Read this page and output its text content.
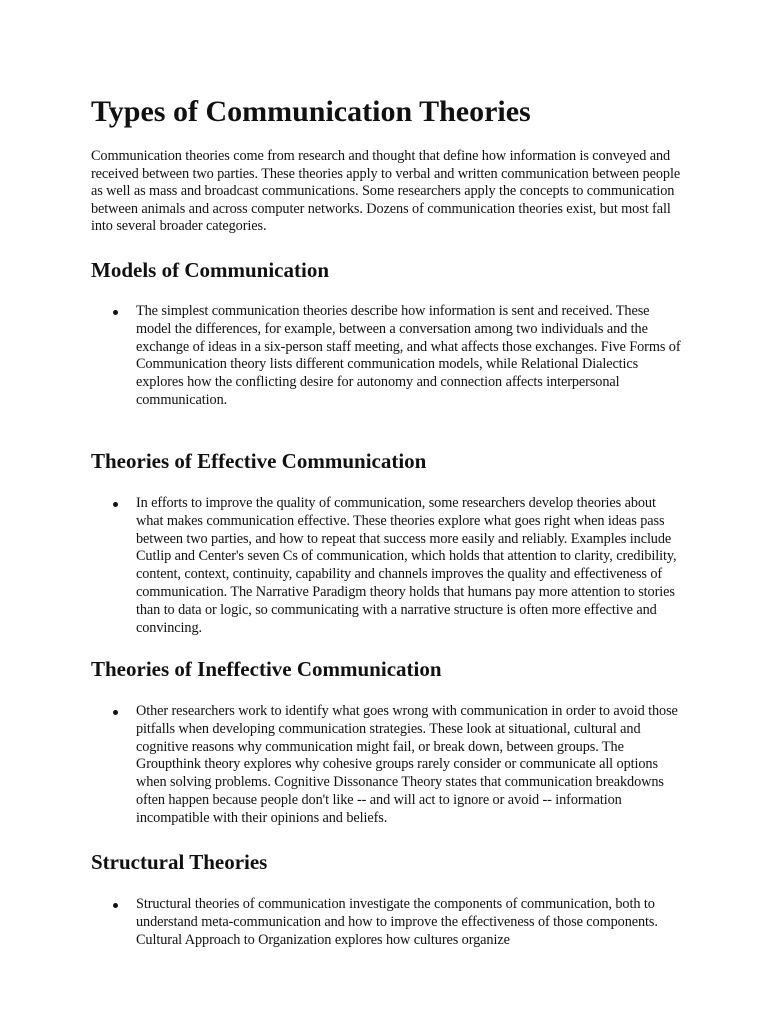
Types of Communication Theories

Communication theories come from research and thought that define how information is conveyed and received between two parties. These theories apply to verbal and written communication between people as well as mass and broadcast communications. Some researchers apply the concepts to communication between animals and across computer networks. Dozens of communication theories exist, but most fall into several broader categories.

Models of Communication
The simplest communication theories describe how information is sent and received. These model the differences, for example, between a conversation among two individuals and the exchange of ideas in a six-person staff meeting, and what affects those exchanges. Five Forms of Communication theory lists different communication models, while Relational Dialectics explores how the conflicting desire for autonomy and connection affects interpersonal communication.
Theories of Effective Communication
In efforts to improve the quality of communication, some researchers develop theories about what makes communication effective. These theories explore what goes right when ideas pass between two parties, and how to repeat that success more easily and reliably. Examples include Cutlip and Center's seven Cs of communication, which holds that attention to clarity, credibility, content, context, continuity, capability and channels improves the quality and effectiveness of communication. The Narrative Paradigm theory holds that humans pay more attention to stories than to data or logic, so communicating with a narrative structure is often more effective and convincing.
Theories of Ineffective Communication
Other researchers work to identify what goes wrong with communication in order to avoid those pitfalls when developing communication strategies. These look at situational, cultural and cognitive reasons why communication might fail, or break down, between groups. The Groupthink theory explores why cohesive groups rarely consider or communicate all options when solving problems. Cognitive Dissonance Theory states that communication breakdowns often happen because people don't like -- and will act to ignore or avoid -- information incompatible with their opinions and beliefs.
Structural Theories
Structural theories of communication investigate the components of communication, both to understand meta-communication and how to improve the effectiveness of those components. Cultural Approach to Organization explores how cultures organize
